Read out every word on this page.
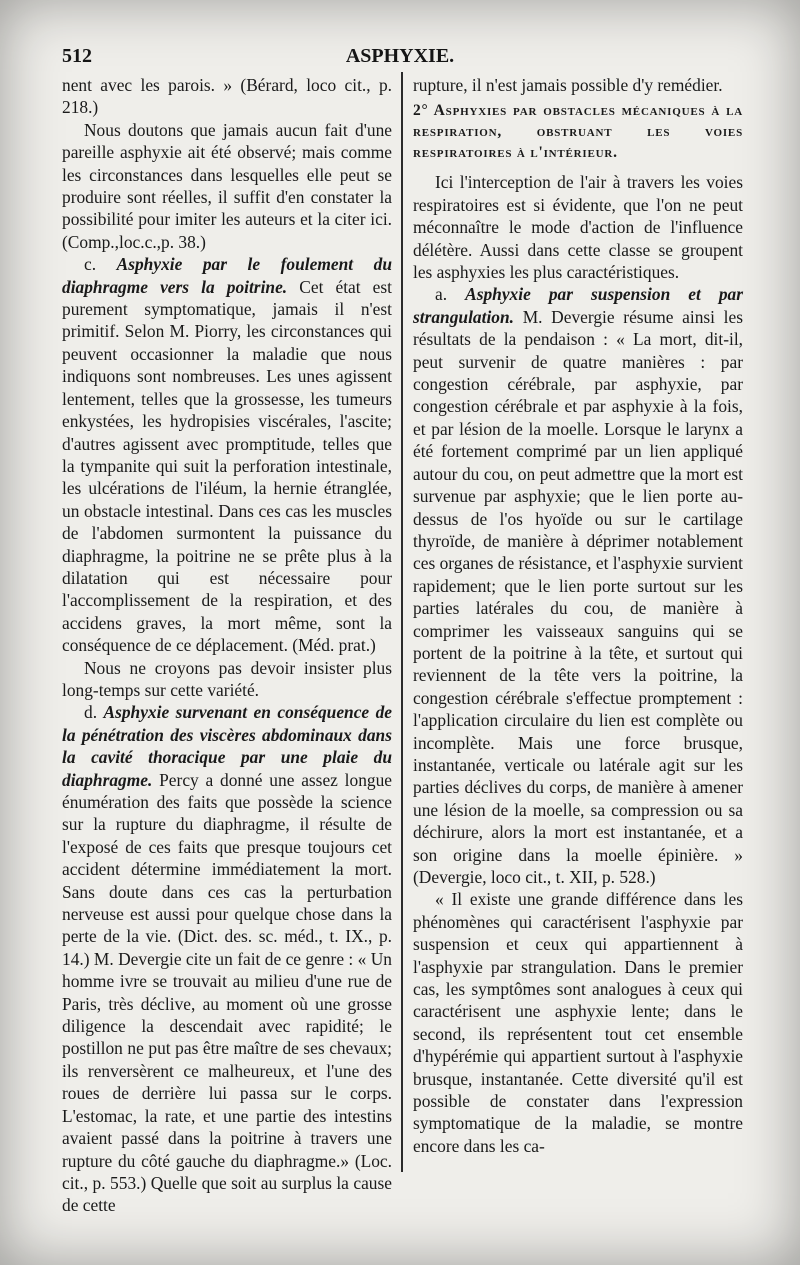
512	ASPHYXIE.

nent avec les parois. » (Bérard, loco cit., p. 218.)

Nous doutons que jamais aucun fait d'une pareille asphyxie ait été observé; mais comme les circonstances dans lesquelles elle peut se produire sont réelles, il suffit d'en constater la possibilité pour imiter les auteurs et la citer ici.(Comp.,loc.c.,p. 38.)

c. Asphyxie par le foulement du diaphragme vers la poitrine. Cet état est purement symptomatique, jamais il n'est primitif. Selon M. Piorry, les circonstances qui peuvent occasionner la maladie que nous indiquons sont nombreuses. Les unes agissent lentement, telles que la grossesse, les tumeurs enkystées, les hydropisies viscérales, l'ascite; d'autres agissent avec promptitude, telles que la tympanite qui suit la perforation intestinale, les ulcérations de l'iléum, la hernie étranglée, un obstacle intestinal. Dans ces cas les muscles de l'abdomen surmontent la puissance du diaphragme, la poitrine ne se prête plus à la dilatation qui est nécessaire pour l'accomplissement de la respiration, et des accidens graves, la mort même, sont la conséquence de ce déplacement. (Méd. prat.)

Nous ne croyons pas devoir insister plus long-temps sur cette variété.

d. Asphyxie survenant en conséquence de la pénétration des viscères abdominaux dans la cavité thoracique par une plaie du diaphragme. Percy a donné une assez longue énumération des faits que possède la science sur la rupture du diaphragme, il résulte de l'exposé de ces faits que presque toujours cet accident détermine immédiatement la mort. Sans doute dans ces cas la perturbation nerveuse est aussi pour quelque chose dans la perte de la vie. (Dict. des. sc. méd., t. IX., p. 14.) M. Devergie cite un fait de ce genre : « Un homme ivre se trouvait au milieu d'une rue de Paris, très déclive, au moment où une grosse diligence la descendait avec rapidité; le postillon ne put pas être maître de ses chevaux; ils renversèrent ce malheureux, et l'une des roues de derrière lui passa sur le corps. L'estomac, la rate, et une partie des intestins avaient passé dans la poitrine à travers une rupture du côté gauche du diaphragme.» (Loc. cit., p. 553.) Quelle que soit au surplus la cause de cette

rupture, il n'est jamais possible d'y remédier.

2° Asphyxies par obstacles mécaniques à la respiration, obstruant les voies respiratoires à l'intérieur.

Ici l'interception de l'air à travers les voies respiratoires est si évidente, que l'on ne peut méconnaître le mode d'action de l'influence délétère. Aussi dans cette classe se groupent les asphyxies les plus caractéristiques.

a. Asphyxie par suspension et par strangulation. M. Devergie résume ainsi les résultats de la pendaison : « La mort, dit-il, peut survenir de quatre manières : par congestion cérébrale, par asphyxie, par congestion cérébrale et par asphyxie à la fois, et par lésion de la moelle. Lorsque le larynx a été fortement comprimé par un lien appliqué autour du cou, on peut admettre que la mort est survenue par asphyxie; que le lien porte au-dessus de l'os hyoïde ou sur le cartilage thyroïde, de manière à déprimer notablement ces organes de résistance, et l'asphyxie survient rapidement; que le lien porte surtout sur les parties latérales du cou, de manière à comprimer les vaisseaux sanguins qui se portent de la poitrine à la tête, et surtout qui reviennent de la tête vers la poitrine, la congestion cérébrale s'effectue promptement : l'application circulaire du lien est complète ou incomplète. Mais une force brusque, instantanée, verticale ou latérale agit sur les parties déclives du corps, de manière à amener une lésion de la moelle, sa compression ou sa déchirure, alors la mort est instantanée, et a son origine dans la moelle épinière. » (Devergie, loco cit., t. XII, p. 528.)

« Il existe une grande différence dans les phénomènes qui caractérisent l'asphyxie par suspension et ceux qui appartiennent à l'asphyxie par strangulation. Dans le premier cas, les symptômes sont analogues à ceux qui caractérisent une asphyxie lente; dans le second, ils représentent tout cet ensemble d'hypérémie qui appartient surtout à l'asphyxie brusque, instantanée. Cette diversité qu'il est possible de constater dans l'expression symptomatique de la maladie, se montre encore dans les ca-
